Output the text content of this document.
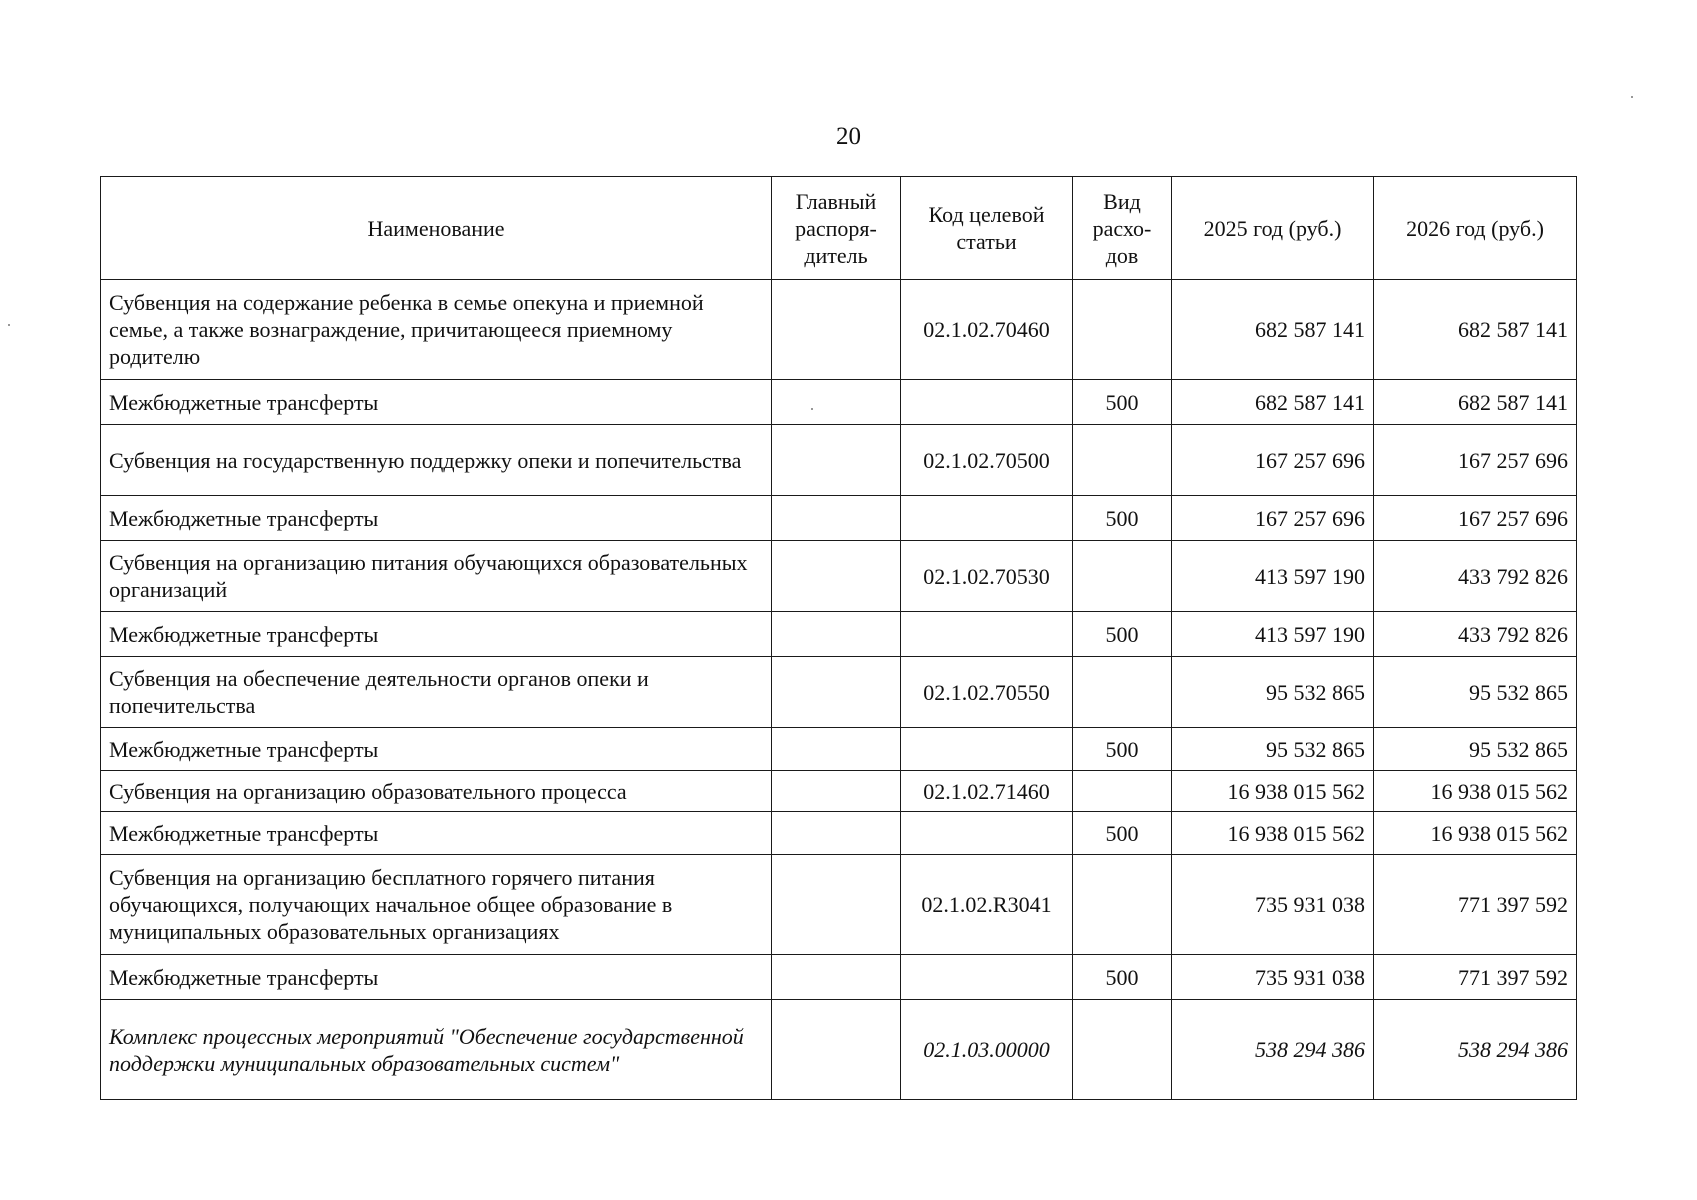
20
Наименование	Главный распоря-дитель	Код целевой статьи	Вид расхо-дов	2025 год (руб.)	2026 год (руб.)
Субвенция на содержание ребенка в семье опекуна и приемной семье, а также вознаграждение, причитающееся приемному родителю		02.1.02.70460		682 587 141	682 587 141
Межбюджетные трансферты			500	682 587 141	682 587 141
Субвенция на государственную поддержку опеки и попечительства		02.1.02.70500		167 257 696	167 257 696
Межбюджетные трансферты			500	167 257 696	167 257 696
Субвенция на организацию питания обучающихся образовательных организаций		02.1.02.70530		413 597 190	433 792 826
Межбюджетные трансферты			500	413 597 190	433 792 826
Субвенция на обеспечение деятельности органов опеки и попечительства		02.1.02.70550		95 532 865	95 532 865
Межбюджетные трансферты			500	95 532 865	95 532 865
Субвенция на организацию образовательного процесса		02.1.02.71460		16 938 015 562	16 938 015 562
Межбюджетные трансферты			500	16 938 015 562	16 938 015 562
Субвенция на организацию бесплатного горячего питания обучающихся, получающих начальное общее образование в муниципальных образовательных организациях		02.1.02.R3041		735 931 038	771 397 592
Межбюджетные трансферты			500	735 931 038	771 397 592
Комплекс процессных мероприятий "Обеспечение государственной поддержки муниципальных образовательных систем"		02.1.03.00000		538 294 386	538 294 386
